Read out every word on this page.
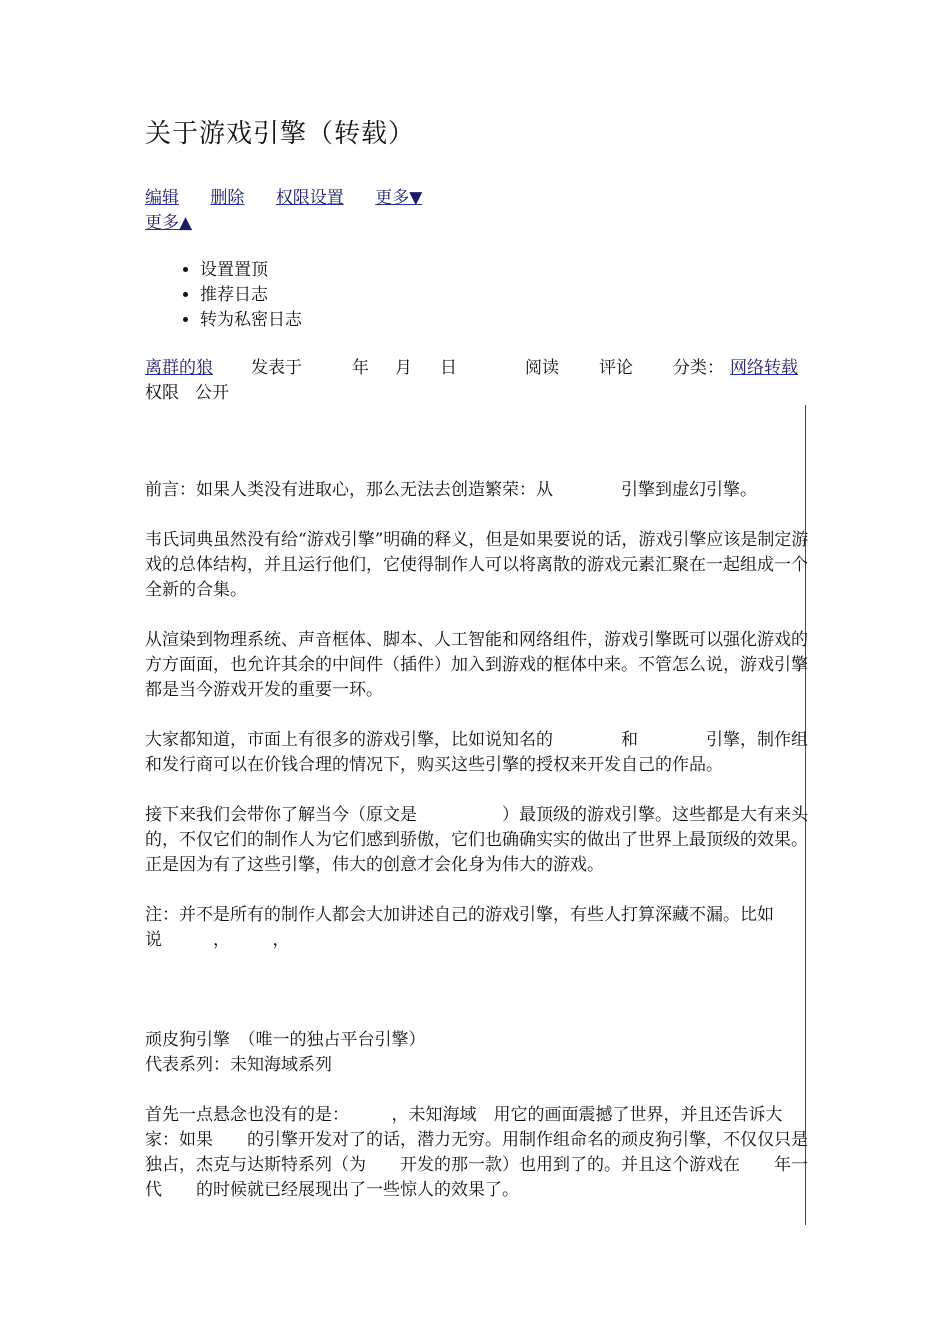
关于游戏引擎（转载）
编辑 删除 权限设置 更多▼
更多▲
• 设置置顶
• 推荐日志
• 转为私密日志
离群的狼 发表于	年 月 日	阅读 评论 分类： 网络转载权限 公开

前言：如果人类没有进取心，那么无法去创造繁荣：从　　　　引擎到虚幻引擎。

韦氏词典虽然没有给“游戏引擎”明确的释义，但是如果要说的话，游戏引擎应该是制定游戏的总体结构，并且运行他们，它使得制作人可以将离散的游戏元素汇聚在一起组成一个全新的合集。

从渲染到物理系统、声音框体、脚本、人工智能和网络组件，游戏引擎既可以强化游戏的方方面面，也允许其余的中间件（插件）加入到游戏的框体中来。不管怎么说，游戏引擎都是当今游戏开发的重要一环。

大家都知道，市面上有很多的游戏引擎，比如说知名的　　　　和　　　　引擎，制作组和发行商可以在价钱合理的情况下，购买这些引擎的授权来开发自己的作品。

接下来我们会带你了解当今（原文是　　　　　）最顶级的游戏引擎。这些都是大有来头的，不仅它们的制作人为它们感到骄傲，它们也确确实实的做出了世界上最顶级的效果。正是因为有了这些引擎，伟大的创意才会化身为伟大的游戏。

注：并不是所有的制作人都会大加讲述自己的游戏引擎，有些人打算深藏不漏。比如说　　　，　　　，

顽皮狗引擎　（唯一的独占平台引擎）

代表系列：未知海域系列

首先一点悬念也没有的是：　　　，未知海域　用它的画面震撼了世界，并且还告诉大家：如果　　的引擎开发对了的话，潜力无穷。用制作组命名的顽皮狗引擎，不仅仅只是　　独占，杰克与达斯特系列（为　　开发的那一款）也用到了的。并且这个游戏在　　年一代　　的时候就已经展现出了一些惊人的效果了。
